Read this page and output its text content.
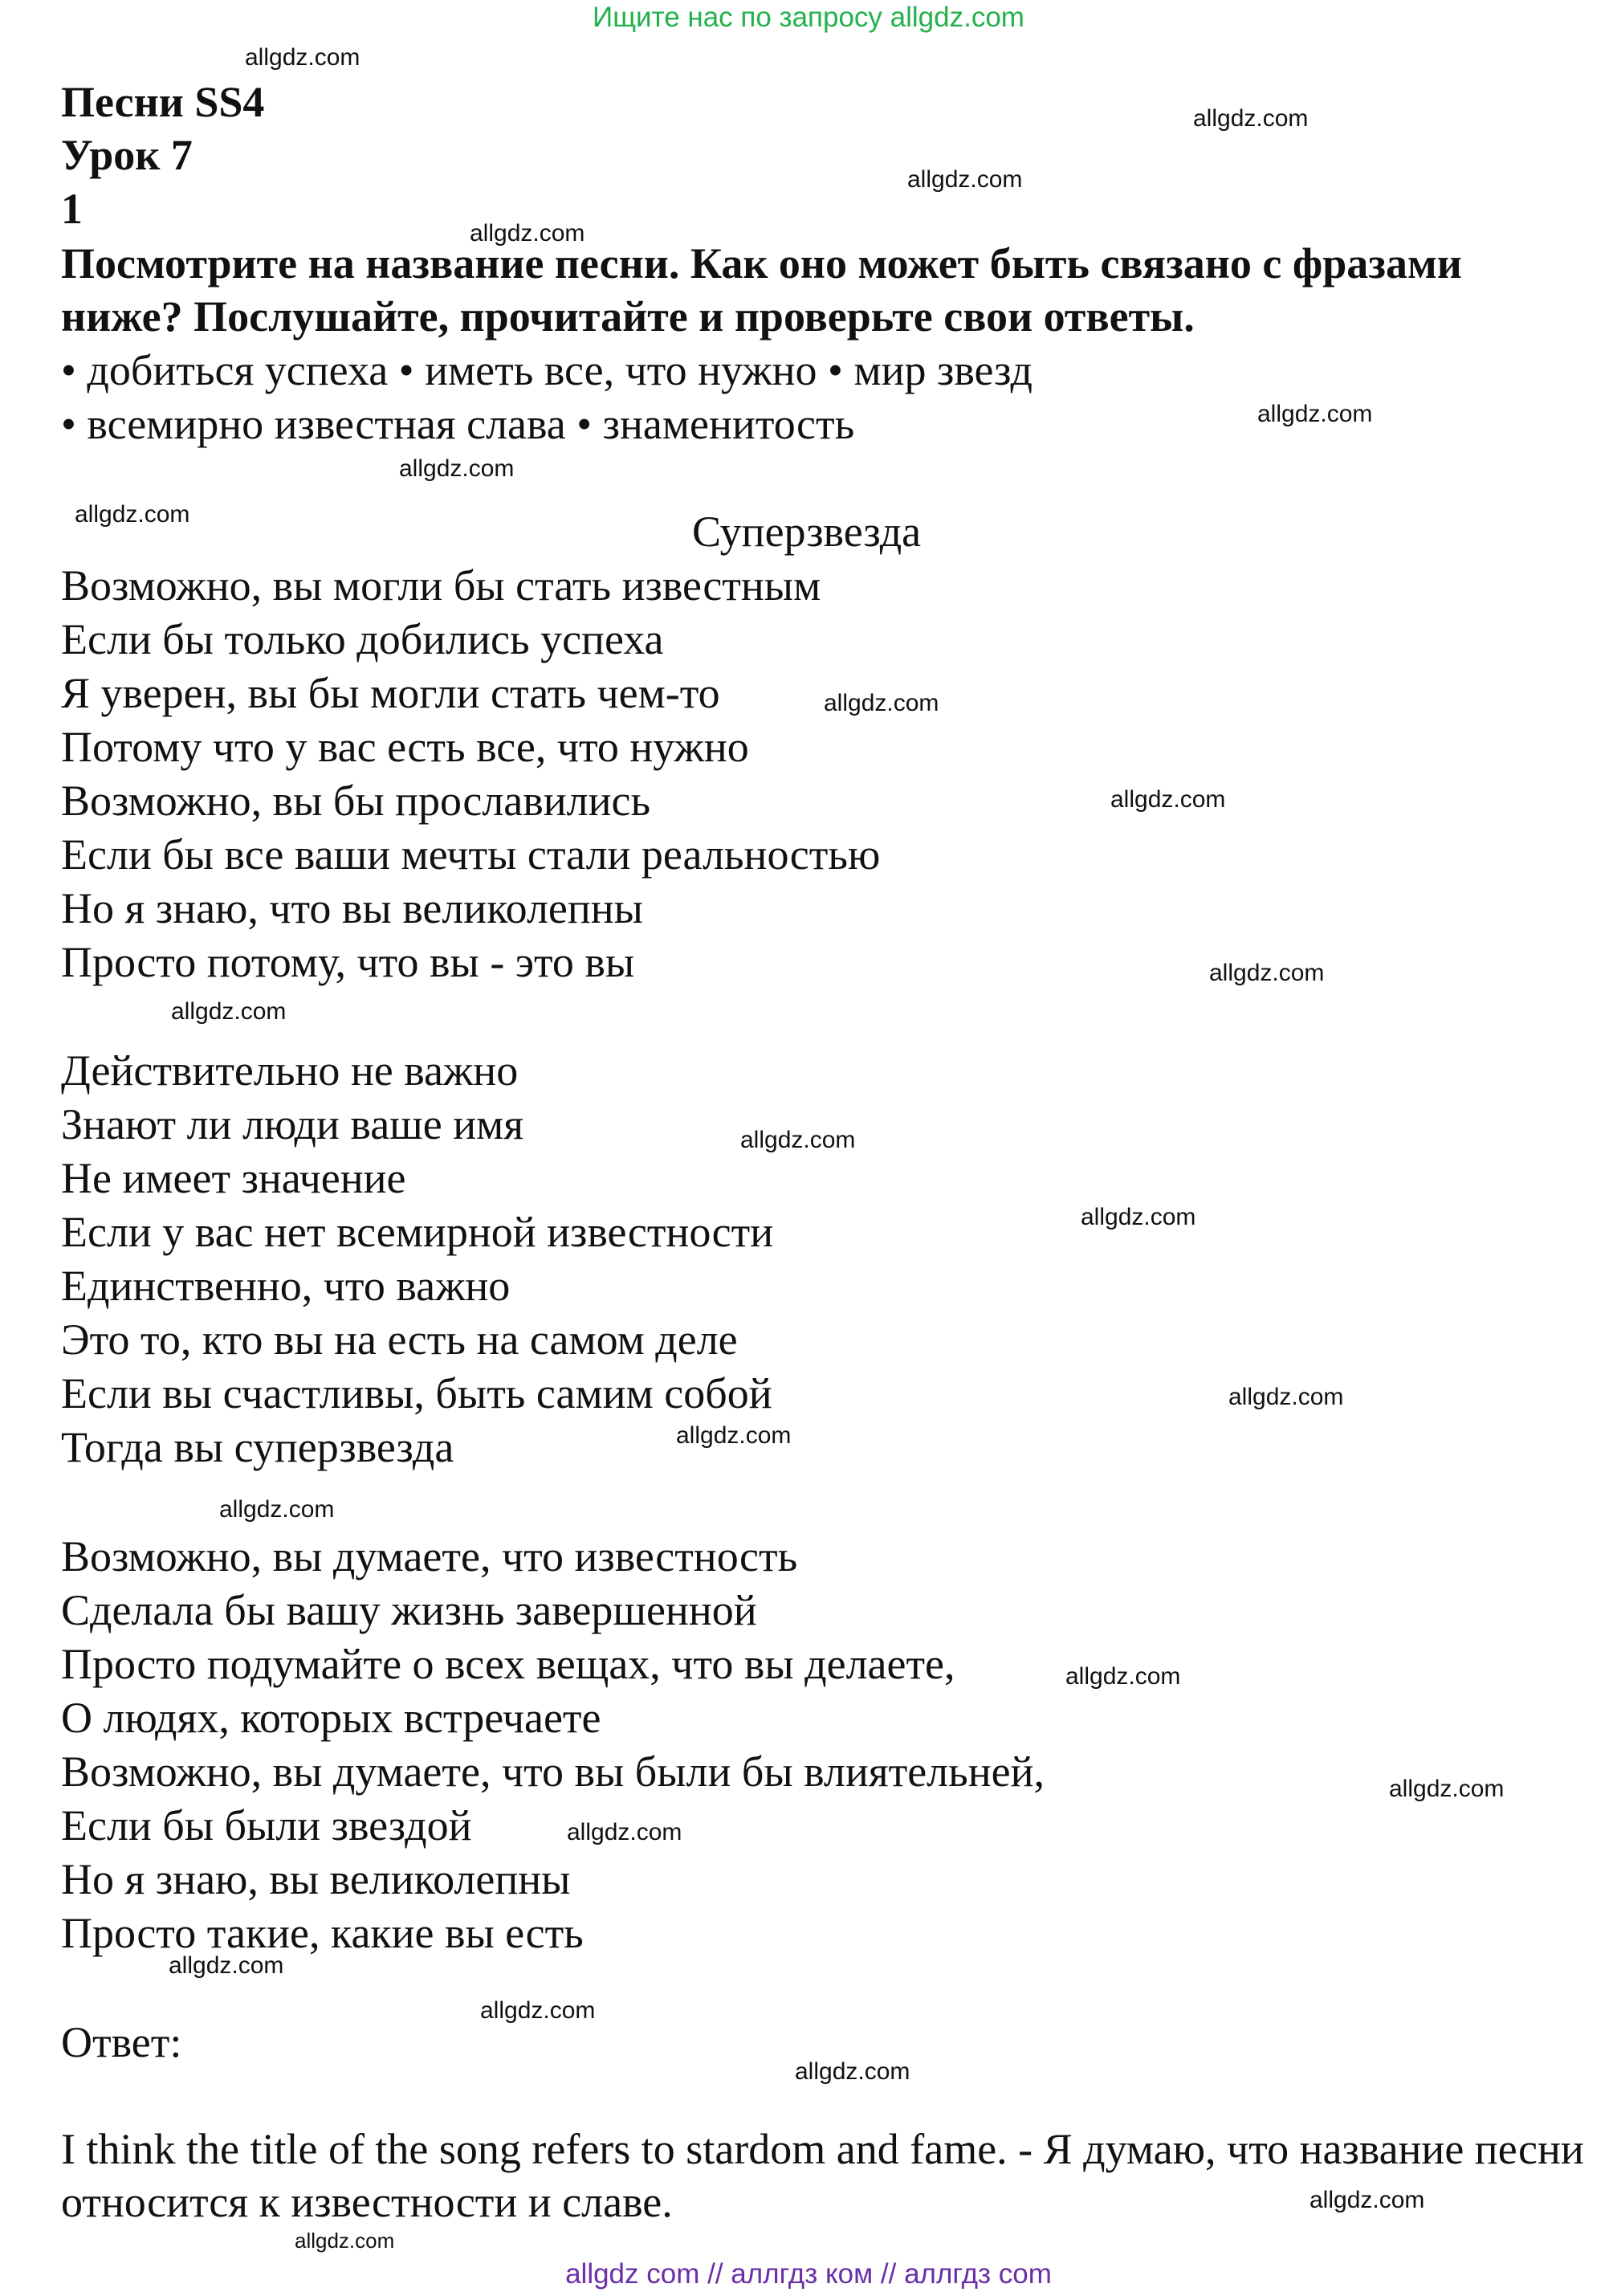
Ищите нас по запросу allgdz.com
Песни SS4
Урок 7
1
Посмотрите на название песни. Как оно может быть связано с фразами
ниже? Послушайте, прочитайте и проверьте свои ответы.
• добиться успеха • иметь все, что нужно • мир звезд
• всемирно известная слава • знаменитость
Суперзвезда
Возможно, вы могли бы стать известным
Если бы только добились успеха
Я уверен, вы бы могли стать чем-то
Потому что у вас есть все, что нужно
Возможно, вы бы прославились
Если бы все ваши мечты стали реальностью
Но я знаю, что вы великолепны
Просто потому, что вы - это вы
Действительно не важно
Знают ли люди ваше имя
Не имеет значение
Если у вас нет всемирной известности
Единственно, что важно
Это то, кто вы на есть на самом деле
Если вы счастливы, быть самим собой
Тогда вы суперзвезда
Возможно, вы думаете, что известность
Сделала бы вашу жизнь завершенной
Просто подумайте о всех вещах, что вы делаете,
О людях, которых встречаете
Возможно, вы думаете, что вы были бы влиятельней,
Если бы были звездой
Но я знаю, вы великолепны
Просто такие, какие вы есть
Ответ:
I think the title of the song refers to stardom and fame. - Я думаю, что название песни относится к известности и славе.
allgdz.com
allgdz.com
allgdz.com
allgdz.com
allgdz.com
allgdz.com
allgdz.com
allgdz.com
allgdz.com
allgdz.com
allgdz.com
allgdz.com
allgdz.com
allgdz.com
allgdz.com
allgdz.com
allgdz.com
allgdz.com
allgdz.com
allgdz.com
allgdz.com
allgdz.com
allgdz.com
allgdz.com
allgdz com // аллгдз ком // аллгдз com
